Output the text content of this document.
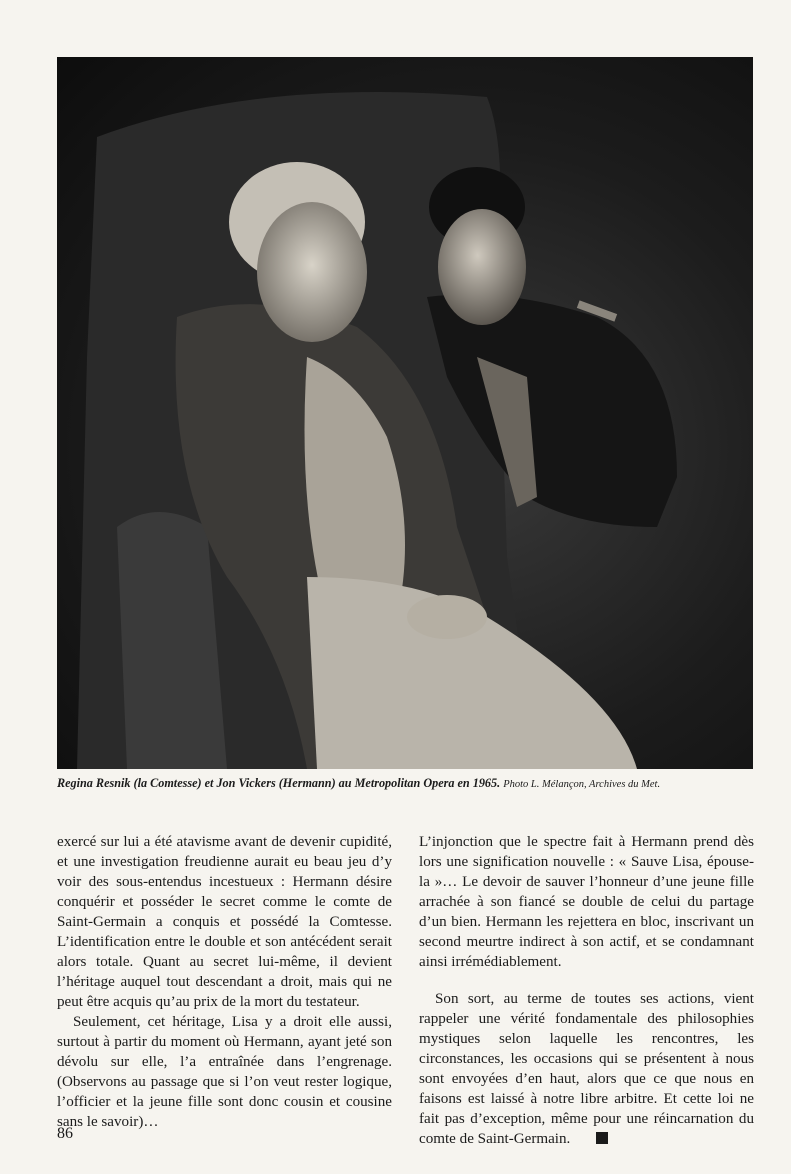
Regina Resnik (la Comtesse) et Jon Vickers (Hermann) au Metropolitan Opera en 1965. Photo L. Mélançon, Archives du Met.

exercé sur lui a été atavisme avant de devenir cupidité, et une investigation freudienne aurait eu beau jeu d’y voir des sous-entendus incestueux : Hermann désire conquérir et posséder le secret comme le comte de Saint-Germain a conquis et possédé la Comtesse. L’identification entre le double et son antécédent serait alors totale. Quant au secret lui-même, il devient l’héritage auquel tout descendant a droit, mais qui ne peut être acquis qu’au prix de la mort du testateur.

Seulement, cet héritage, Lisa y a droit elle aussi, surtout à partir du moment où Hermann, ayant jeté son dévolu sur elle, l’a entraînée dans l’engrenage. (Observons au passage que si l’on veut rester logique, l’officier et la jeune fille sont donc cousin et cousine sans le savoir)…

L’injonction que le spectre fait à Hermann prend dès lors une signification nouvelle : « Sauve Lisa, épouse-la »… Le devoir de sauver l’honneur d’une jeune fille arrachée à son fiancé se double de celui du partage d’un bien. Hermann les rejettera en bloc, inscrivant un second meurtre indirect à son actif, et se condamnant ainsi irrémédiablement.

Son sort, au terme de toutes ses actions, vient rappeler une vérité fondamentale des philosophies mystiques selon laquelle les rencontres, les circonstances, les occasions qui se présentent à nous sont envoyées d’en haut, alors que ce que nous en faisons est laissé à notre libre arbitre. Et cette loi ne fait pas d’exception, même pour une réincarnation du comte de Saint-Germain.

86
